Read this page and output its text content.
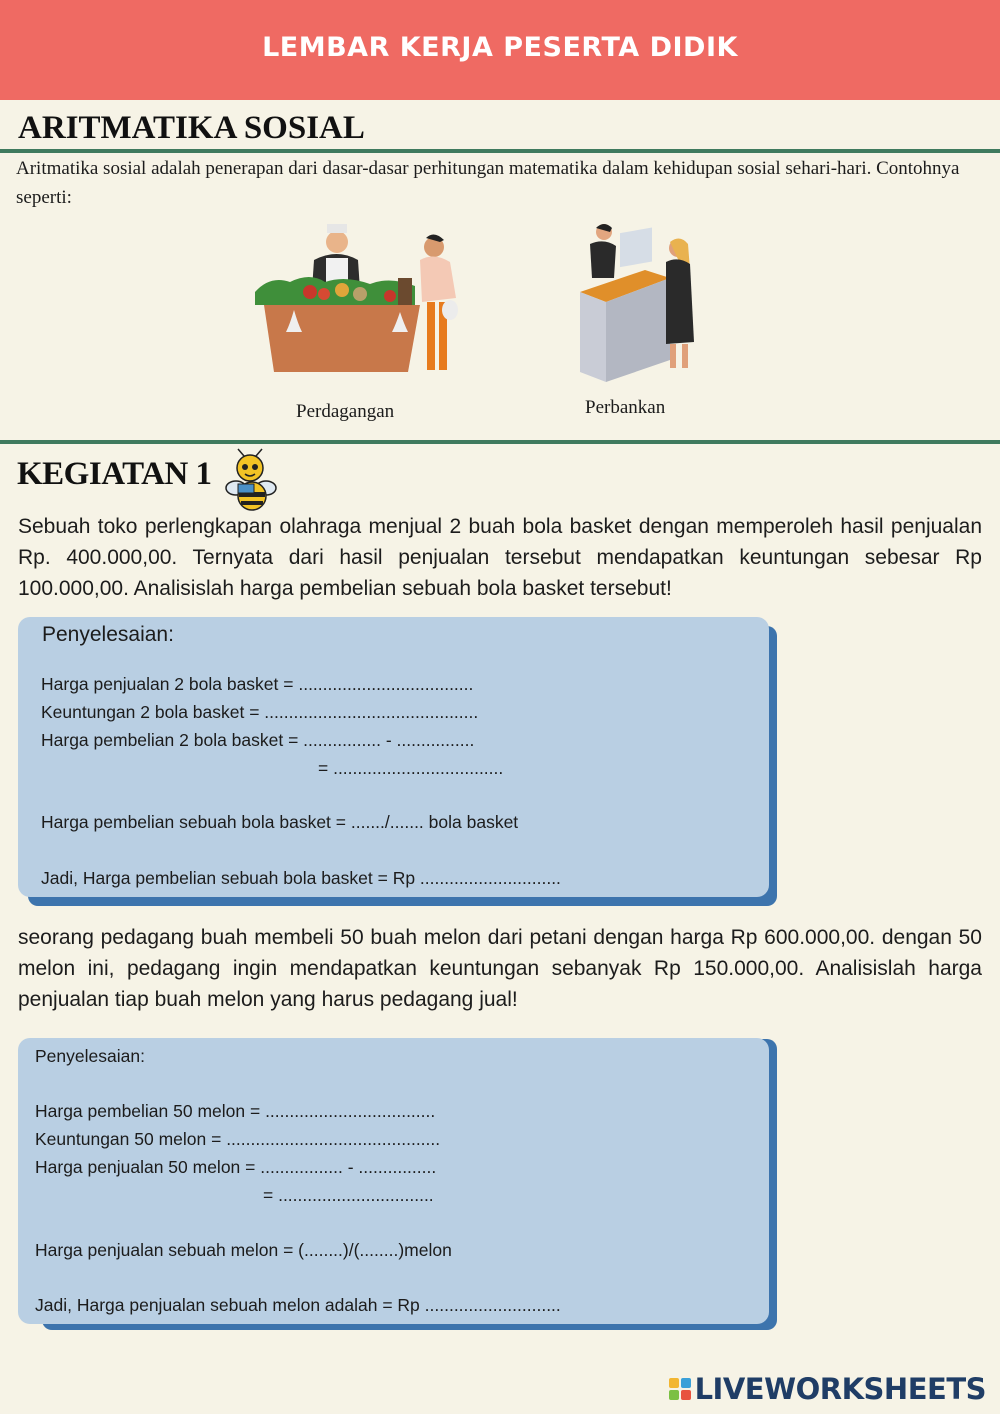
LEMBAR KERJA PESERTA DIDIK
ARITMATIKA SOSIAL

Aritmatika sosial adalah penerapan dari dasar-dasar perhitungan matematika dalam kehidupan sosial sehari-hari. Contohnya seperti:

Perdagangan	Perbankan
KEGIATAN 1

Sebuah toko perlengkapan olahraga menjual 2 buah bola basket dengan memperoleh hasil penjualan Rp. 400.000,00. Ternyata dari hasil penjualan tersebut mendapatkan keuntungan sebesar Rp 100.000,00. Analisislah harga pembelian sebuah bola basket tersebut!

Penyelesaian:
Harga penjualan 2 bola basket = ....................................
Keuntungan 2 bola basket = ............................................
Harga pembelian 2 bola basket = ................ - ................
= ...................................
Harga pembelian sebuah bola basket = ......./....... bola basket
Jadi, Harga pembelian sebuah bola basket = Rp .............................

seorang pedagang buah membeli 50 buah melon dari petani dengan harga Rp 600.000,00. dengan 50 melon ini, pedagang ingin mendapatkan keuntungan sebanyak Rp 150.000,00. Analisislah harga penjualan tiap buah melon yang harus pedagang jual!

Penyelesaian:
Harga pembelian 50 melon = ...................................
Keuntungan 50 melon = ............................................
Harga penjualan 50 melon = ................. - ................
= ................................
Harga penjualan sebuah melon = (........)/(........)melon
Jadi, Harga penjualan sebuah melon adalah = Rp ............................
LIVEWORKSHEETS
